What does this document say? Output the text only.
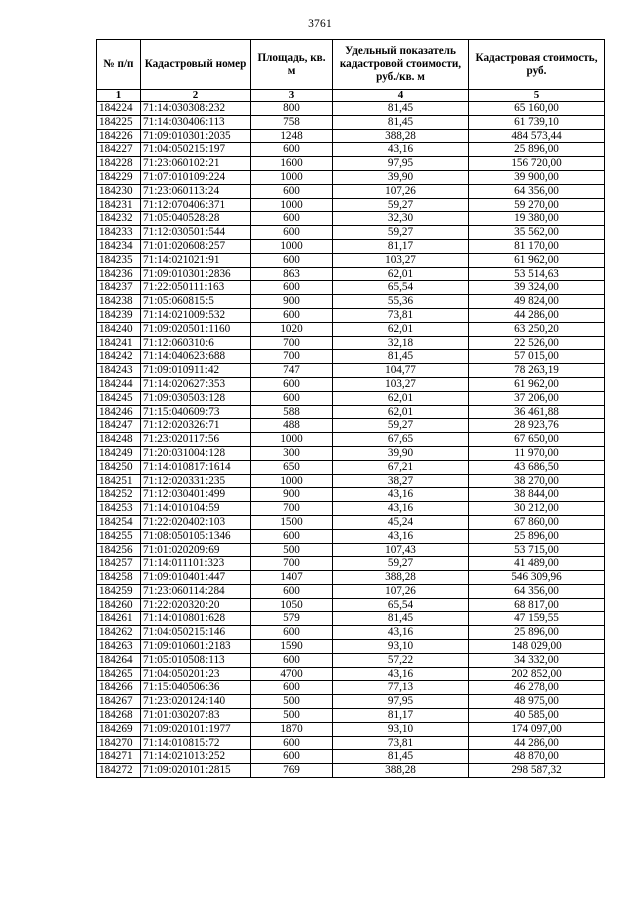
3761
№ п/п	Кадастровый номер	Площадь, кв. м	Удельный показатель кадастровой стоимости, руб./кв. м	Кадастровая стоимость, руб.
1	2	3	4	5
184224	71:14:030308:232	800	81,45	65 160,00
184225	71:14:030406:113	758	81,45	61 739,10
184226	71:09:010301:2035	1248	388,28	484 573,44
184227	71:04:050215:197	600	43,16	25 896,00
184228	71:23:060102:21	1600	97,95	156 720,00
184229	71:07:010109:224	1000	39,90	39 900,00
184230	71:23:060113:24	600	107,26	64 356,00
184231	71:12:070406:371	1000	59,27	59 270,00
184232	71:05:040528:28	600	32,30	19 380,00
184233	71:12:030501:544	600	59,27	35 562,00
184234	71:01:020608:257	1000	81,17	81 170,00
184235	71:14:021021:91	600	103,27	61 962,00
184236	71:09:010301:2836	863	62,01	53 514,63
184237	71:22:050111:163	600	65,54	39 324,00
184238	71:05:060815:5	900	55,36	49 824,00
184239	71:14:021009:532	600	73,81	44 286,00
184240	71:09:020501:1160	1020	62,01	63 250,20
184241	71:12:060310:6	700	32,18	22 526,00
184242	71:14:040623:688	700	81,45	57 015,00
184243	71:09:010911:42	747	104,77	78 263,19
184244	71:14:020627:353	600	103,27	61 962,00
184245	71:09:030503:128	600	62,01	37 206,00
184246	71:15:040609:73	588	62,01	36 461,88
184247	71:12:020326:71	488	59,27	28 923,76
184248	71:23:020117:56	1000	67,65	67 650,00
184249	71:20:031004:128	300	39,90	11 970,00
184250	71:14:010817:1614	650	67,21	43 686,50
184251	71:12:020331:235	1000	38,27	38 270,00
184252	71:12:030401:499	900	43,16	38 844,00
184253	71:14:010104:59	700	43,16	30 212,00
184254	71:22:020402:103	1500	45,24	67 860,00
184255	71:08:050105:1346	600	43,16	25 896,00
184256	71:01:020209:69	500	107,43	53 715,00
184257	71:14:011101:323	700	59,27	41 489,00
184258	71:09:010401:447	1407	388,28	546 309,96
184259	71:23:060114:284	600	107,26	64 356,00
184260	71:22:020320:20	1050	65,54	68 817,00
184261	71:14:010801:628	579	81,45	47 159,55
184262	71:04:050215:146	600	43,16	25 896,00
184263	71:09:010601:2183	1590	93,10	148 029,00
184264	71:05:010508:113	600	57,22	34 332,00
184265	71:04:050201:23	4700	43,16	202 852,00
184266	71:15:040506:36	600	77,13	46 278,00
184267	71:23:020124:140	500	97,95	48 975,00
184268	71:01:030207:83	500	81,17	40 585,00
184269	71:09:020101:1977	1870	93,10	174 097,00
184270	71:14:010815:72	600	73,81	44 286,00
184271	71:14:021013:252	600	81,45	48 870,00
184272	71:09:020101:2815	769	388,28	298 587,32
